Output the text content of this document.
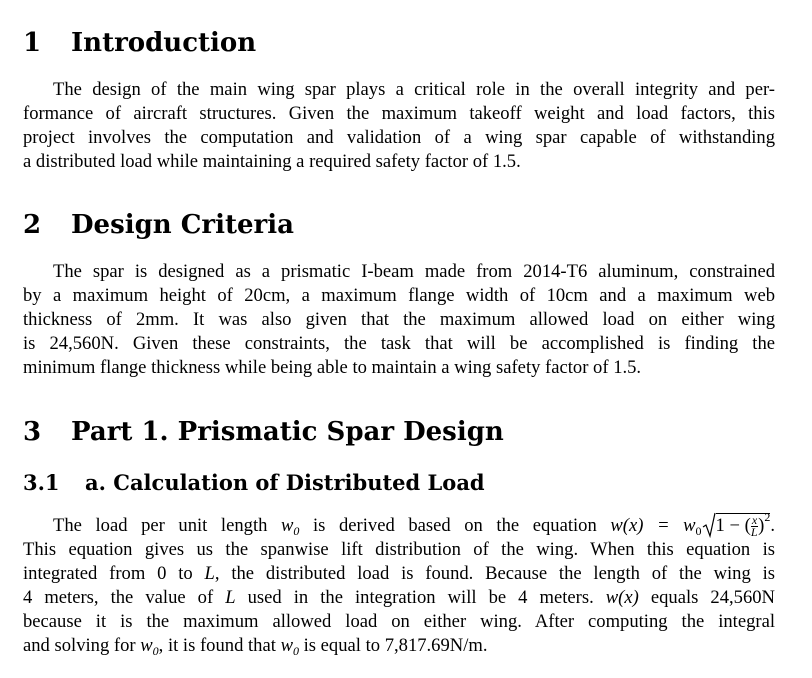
1 Introduction
The design of the main wing spar plays a critical role in the overall integrity and per-
formance of aircraft structures. Given the maximum takeoff weight and load factors, this
project involves the computation and validation of a wing spar capable of withstanding
a distributed load while maintaining a required safety factor of 1.5.
2 Design Criteria
The spar is designed as a prismatic I-beam made from 2014-T6 aluminum, constrained
by a maximum height of 20cm, a maximum flange width of 10cm and a maximum web
thickness of 2mm. It was also given that the maximum allowed load on either wing
is 24,560N. Given these constraints, the task that will be accomplished is finding the
minimum flange thickness while being able to maintain a wing safety factor of 1.5.
3 Part 1. Prismatic Spar Design
3.1 a. Calculation of Distributed Load
The load per unit length $w_0$ is derived based on the equation $w(x) = w_0$ 1 − ( $\frac{x}{L} )^2$.
This equation gives us the spanwise lift distribution of the wing. When this equation is
integrated from 0 to L, the distributed load is found. Because the length of the wing is
4 meters, the value of L used in the integration will be 4 meters. w(x) equals 24,560N
because it is the maximum allowed load on either wing. After computing the integral
and solving for $w_0$, it is found that $w_0$ is equal to 7,817.69N/m.
